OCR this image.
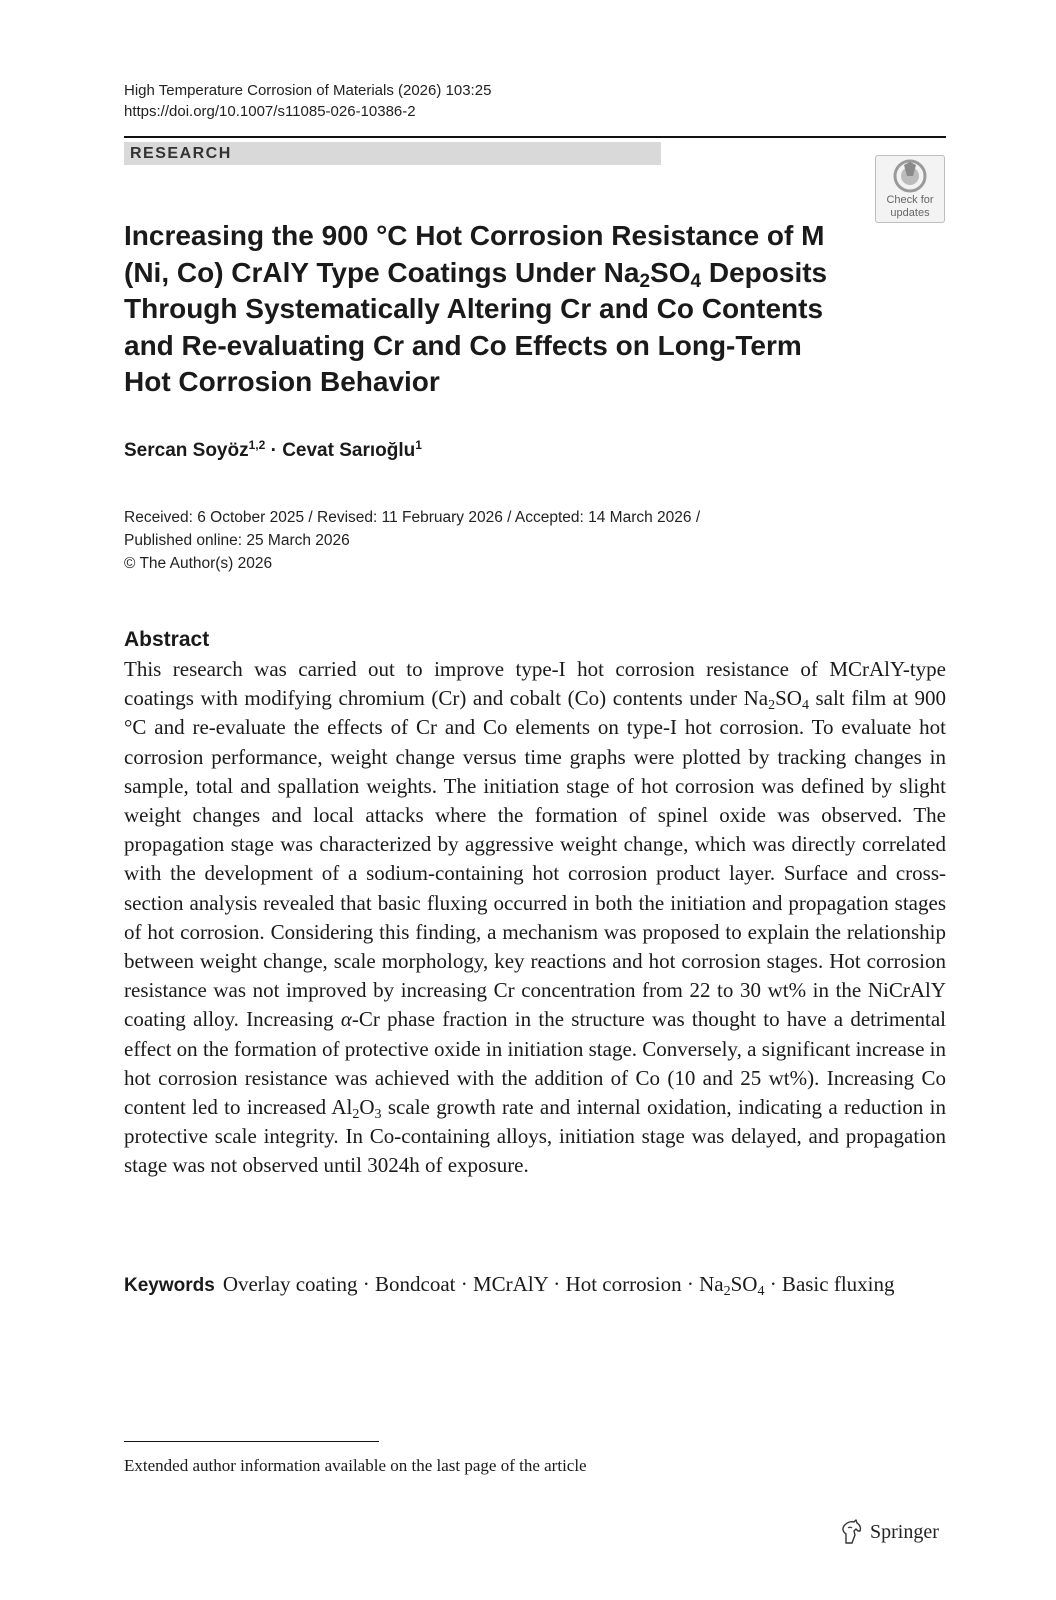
High Temperature Corrosion of Materials (2026) 103:25
https://doi.org/10.1007/s11085-026-10386-2
RESEARCH
Check for
updates
Increasing the 900 °C Hot Corrosion Resistance of M (Ni, Co) CrAlY Type Coatings Under $Na_2SO_4$ Deposits Through Systematically Altering Cr and Co Contents and Re-evaluating Cr and Co Effects on Long-Term Hot Corrosion Behavior
Sercan Soyöz$^{1,2}$ · Cevat Sarıoğlu$^1$
Received: 6 October 2025 / Revised: 11 February 2026 / Accepted: 14 March 2026 /
Published online: 25 March 2026
© The Author(s) 2026
Abstract
This research was carried out to improve type-I hot corrosion resistance of MCrAlY-type coatings with modifying chromium (Cr) and cobalt (Co) contents under $Na_2SO_4$ salt film at 900 °C and re-evaluate the effects of Cr and Co elements on type-I hot corrosion. To evaluate hot corrosion performance, weight change versus time graphs were plotted by tracking changes in sample, total and spallation weights. The initiation stage of hot corrosion was defined by slight weight changes and local attacks where the formation of spinel oxide was observed. The propagation stage was characterized by aggressive weight change, which was directly correlated with the development of a sodium-containing hot corrosion product layer. Surface and cross-section analysis revealed that basic fluxing occurred in both the initiation and propagation stages of hot corrosion. Considering this finding, a mechanism was proposed to explain the relationship between weight change, scale morphology, key reactions and hot corrosion stages. Hot corrosion resistance was not improved by increasing Cr concentration from 22 to 30 wt% in the NiCrAlY coating alloy. Increasing α-Cr phase fraction in the structure was thought to have a detrimental effect on the formation of protective oxide in initiation stage. Conversely, a significant increase in hot corrosion resistance was achieved with the addition of Co (10 and 25 wt%). Increasing Co content led to increased $Al_2O_3$ scale growth rate and internal oxidation, indicating a reduction in protective scale integrity. In Co-containing alloys, initiation stage was delayed, and propagation stage was not observed until 3024h of exposure.
Keywords Overlay coating · Bondcoat · MCrAlY · Hot corrosion · $Na_2SO_4$ · Basic fluxing
Extended author information available on the last page of the article
Springer
